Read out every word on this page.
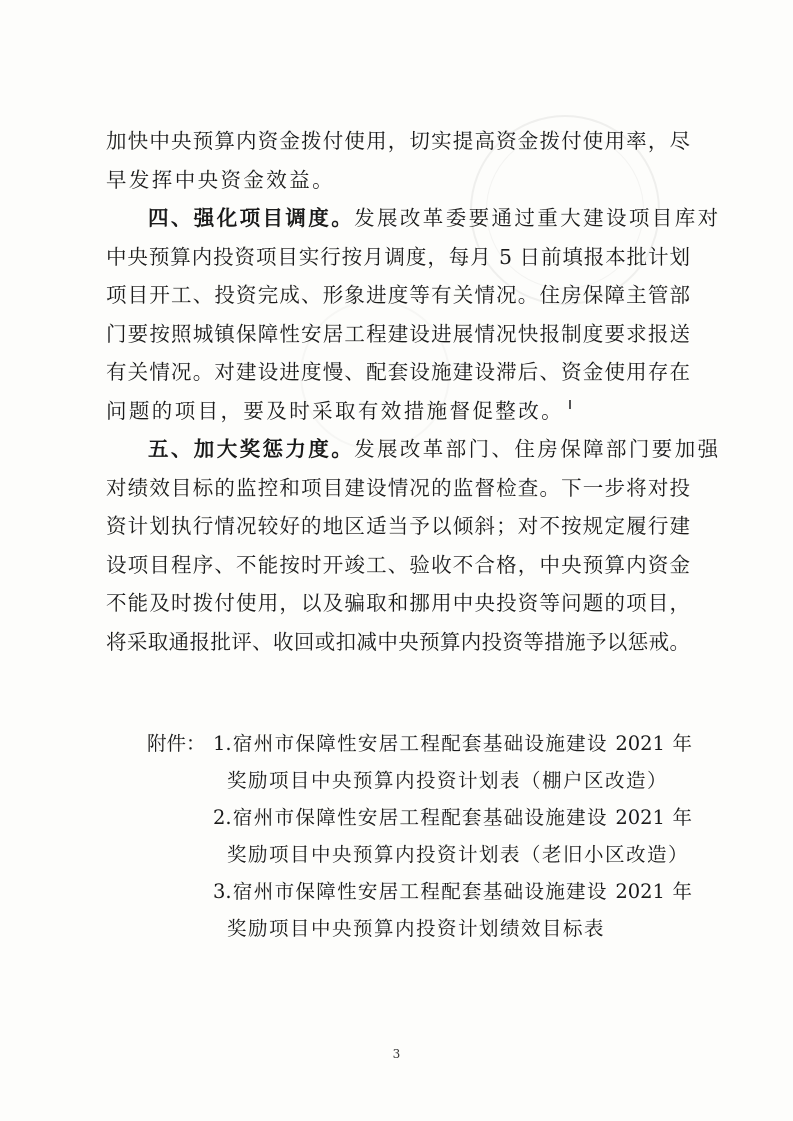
加快中央预算内资金拨付使用，切实提高资金拨付使用率，尽
早发挥中央资金效益。
四、强化项目调度。发展改革委要通过重大建设项目库对
中央预算内投资项目实行按月调度，每月 5 日前填报本批计划
项目开工、投资完成、形象进度等有关情况。住房保障主管部
门要按照城镇保障性安居工程建设进展情况快报制度要求报送
有关情况。对建设进度慢、配套设施建设滞后、资金使用存在
问题的项目，要及时采取有效措施督促整改。
五、加大奖惩力度。发展改革部门、住房保障部门要加强
对绩效目标的监控和项目建设情况的监督检查。下一步将对投
资计划执行情况较好的地区适当予以倾斜；对不按规定履行建
设项目程序、不能按时开竣工、验收不合格，中央预算内资金
不能及时拨付使用，以及骗取和挪用中央投资等问题的项目，
将采取通报批评、收回或扣减中央预算内投资等措施予以惩戒。
附件： 1.宿州市保障性安居工程配套基础设施建设 2021 年
奖励项目中央预算内投资计划表（棚户区改造）
2.宿州市保障性安居工程配套基础设施建设 2021 年
奖励项目中央预算内投资计划表（老旧小区改造）
3.宿州市保障性安居工程配套基础设施建设 2021 年
奖励项目中央预算内投资计划绩效目标表
3
